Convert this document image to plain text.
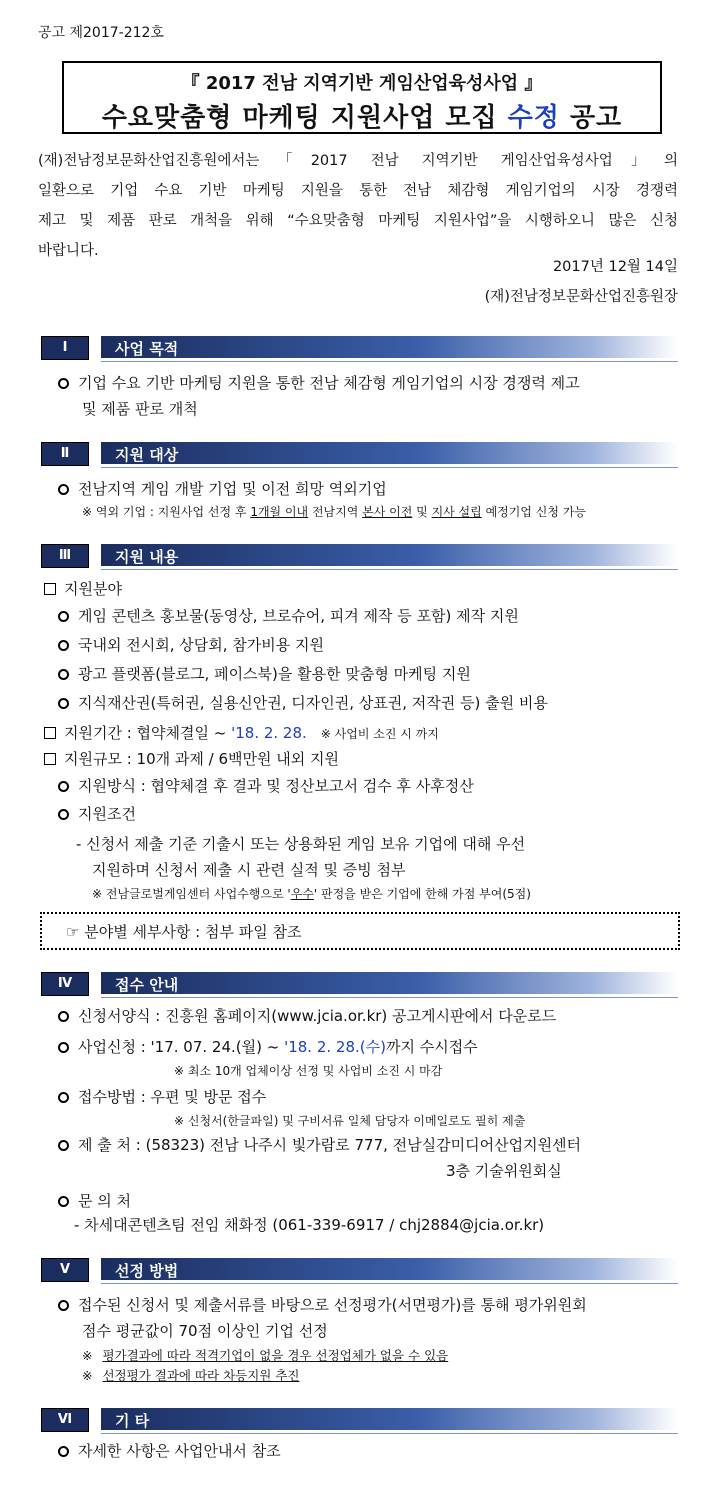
공고 제2017-212호
『 2017 전남 지역기반 게임산업육성사업 』
수요맞춤형 마케팅 지원사업 모집 수정 공고
(재)전남정보문화산업진흥원에서는「2017 전남 지역기반 게임산업육성사업」의
일환으로 기업 수요 기반 마케팅 지원을 통한 전남 체감형 게임기업의 시장 경쟁력
제고 및 제품 판로 개척을 위해 “수요맞춤형 마케팅 지원사업”을 시행하오니 많은 신청
바랍니다.
2017년 12월 14일
(재)전남정보문화산업진흥원장
Ⅰ	사업 목적
기업 수요 기반 마케팅 지원을 통한 전남 체감형 게임기업의 시장 경쟁력 제고
및 제품 판로 개척
Ⅱ	지원 대상
전남지역 게임 개발 기업 및 이전 희망 역외기업
※ 역외 기업 : 지원사업 선정 후 1개월 이내 전남지역 본사 이전 및 지사 설립 예정기업 신청 가능
Ⅲ	지원 내용
지원분야
게임 콘텐츠 홍보물(동영상, 브로슈어, 피겨 제작 등 포함) 제작 지원
국내외 전시회, 상담회, 참가비용 지원
광고 플랫폼(블로그, 페이스북)을 활용한 맞춤형 마케팅 지원
지식재산권(특허권, 실용신안권, 디자인권, 상표권, 저작권 등) 출원 비용
지원기간 : 협약체결일 ~ '18. 2. 28. ※ 사업비 소진 시 까지
지원규모 : 10개 과제 / 6백만원 내외 지원
지원방식 : 협약체결 후 결과 및 정산보고서 검수 후 사후정산
지원조건
- 신청서 제출 기준 기출시 또는 상용화된 게임 보유 기업에 대해 우선
지원하며 신청서 제출 시 관련 실적 및 증빙 첨부
※ 전남글로벌게임센터 사업수행으로 '우수' 판정을 받은 기업에 한해 가점 부여(5점)
☞ 분야별 세부사항 : 첨부 파일 참조
Ⅳ	접수 안내
신청서양식 : 진흥원 홈페이지(www.jcia.or.kr) 공고게시판에서 다운로드
사업신청 : '17. 07. 24.(월) ~ '18. 2. 28.(수)까지 수시접수
※ 최소 10개 업체이상 선정 및 사업비 소진 시 마감
접수방법 : 우편 및 방문 접수
※ 신청서(한글파일) 및 구비서류 일체 담당자 이메일로도 필히 제출
제 출 처 : (58323) 전남 나주시 빛가람로 777, 전남실감미디어산업지원센터
3층 기술위원회실
문 의 처
- 차세대콘텐츠팀 전임 채화정 (061-339-6917 / chj2884@jcia.or.kr)
Ⅴ	선정 방법
접수된 신청서 및 제출서류를 바탕으로 선정평가(서면평가)를 통해 평가위원회
점수 평균값이 70점 이상인 기업 선정
※ 평가결과에 따라 적격기업이 없을 경우 선정업체가 없을 수 있음
※ 선정평가 결과에 따라 차등지원 추진
Ⅵ	기 타
자세한 사항은 사업안내서 참조
